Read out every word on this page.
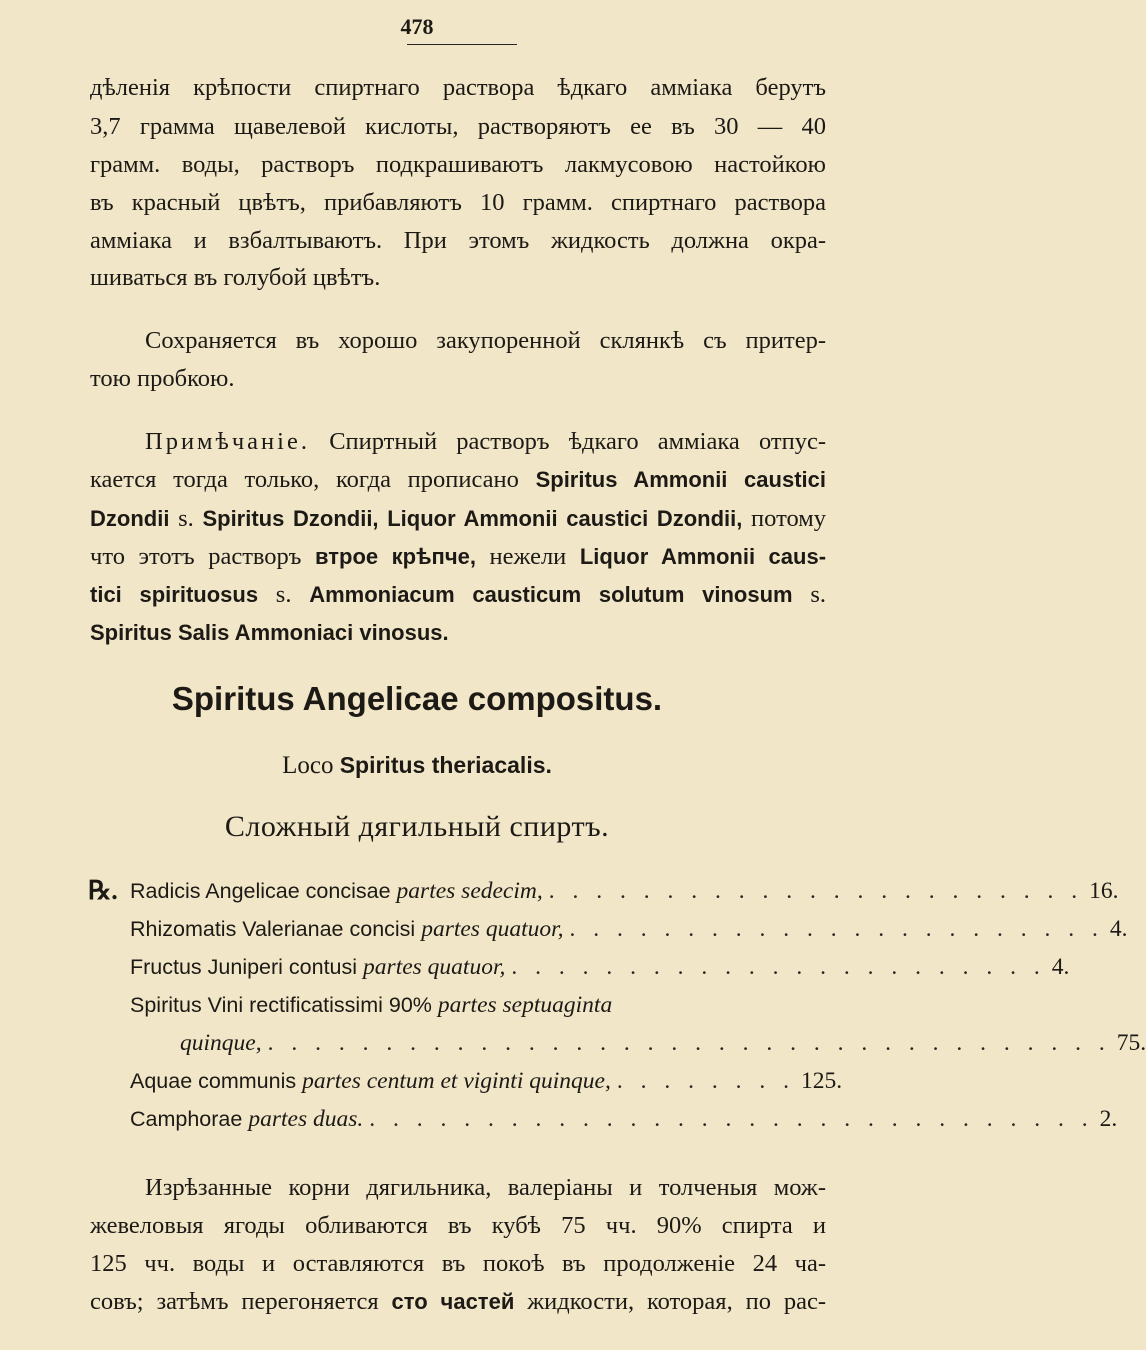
478
дѣленія крѣпости спиртнаго раствора ѣдкаго амміака берутъ
3,7 грамма щавелевой кислоты, растворяютъ ее въ 30 — 40
грамм. воды, растворъ подкрашиваютъ лакмусовою настойкою
въ красный цвѣтъ, прибавляютъ 10 грамм. спиртнаго раствора
амміака и взбалтываютъ. При этомъ жидкость должна окра-
шиваться въ голубой цвѣтъ.
Сохраняется въ хорошо закупоренной склянкѣ съ притер-
тою пробкою.
Примѣчаніе. Спиртный растворъ ѣдкаго амміака отпус-
кается тогда только, когда прописано Spiritus Ammonii caustici
Dzondii s. Spiritus Dzondii, Liquor Ammonii caustici Dzondii, потому
что этотъ растворъ втрое крѣпче, нежели Liquor Ammonii caus-
tici spirituosus s. Ammoniacum causticum solutum vinosum s.
Spiritus Salis Ammoniaci vinosus.
Spiritus Angelicae compositus.
Loco Spiritus theriacalis.
Сложный дягильный спиртъ.
℞. Radicis Angelicae concisae partes sedecim, . . . . . . . . . . . . . . . . . . . . . . . 16.
Rhizomatis Valerianae concisi partes quatuor, . . . . . . . . . . . . . . . . . . . . . . . 4.
Fructus Juniperi contusi partes quatuor, . . . . . . . . . . . . . . . . . . . . . . . 4.
Spiritus Vini rectificatissimi 90% partes septuaginta
quinque, . . . . . . . . . . . . . . . . . . . . . . . . . . . . . . . . . . . . 75.
Aquae communis partes centum et viginti quinque, . . . . . . . . 125.
Camphorae partes duas. . . . . . . . . . . . . . . . . . . . . . . . . . . . . . . . 2.
Изрѣзанные корни дягильника, валеріаны и толченыя мож-
жевеловыя ягоды обливаются въ кубѣ 75 чч. 90% спирта и
125 чч. воды и оставляются въ покоѣ въ продолженіе 24 ча-
совъ; затѣмъ перегоняется сто частей жидкости, которая, по рас-
